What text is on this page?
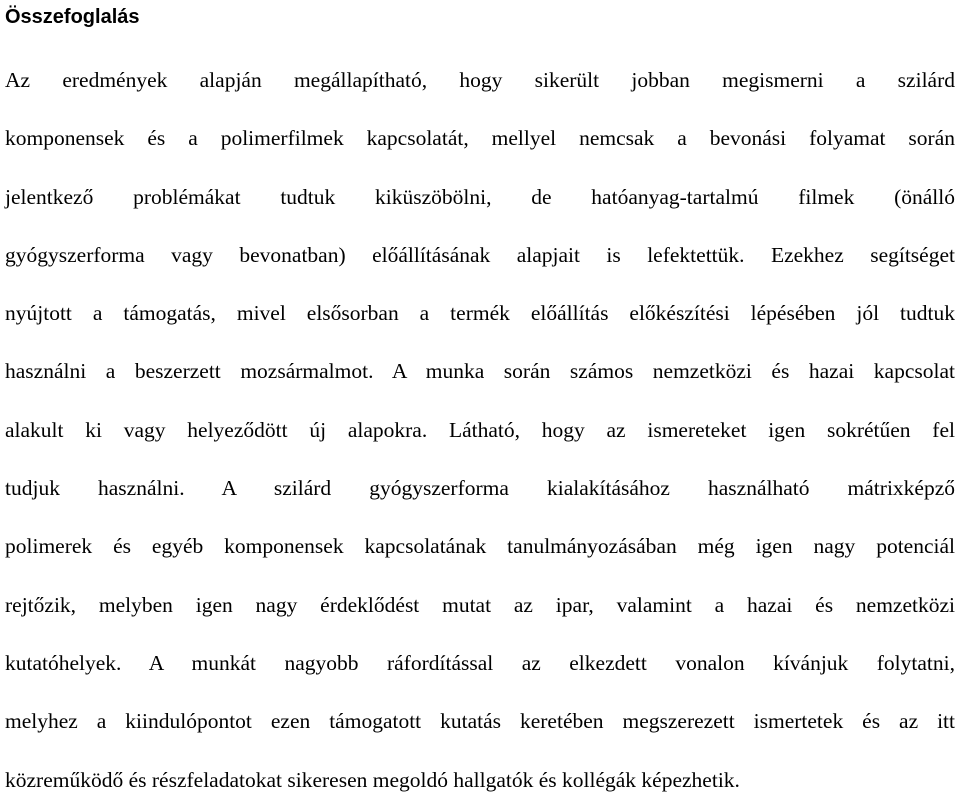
Összefoglalás
Az eredmények alapján megállapítható, hogy sikerült jobban megismerni a szilárd
komponensek és a polimerfilmek kapcsolatát, mellyel nemcsak a bevonási folyamat során
jelentkező problémákat tudtuk kiküszöbölni, de hatóanyag-tartalmú filmek (önálló
gyógyszerforma vagy bevonatban) előállításának alapjait is lefektettük. Ezekhez segítséget
nyújtott a támogatás, mivel elsősorban a termék előállítás előkészítési lépésében jól tudtuk
használni a beszerzett mozsármalmot. A munka során számos nemzetközi és hazai kapcsolat
alakult ki vagy helyeződött új alapokra. Látható, hogy az ismereteket igen sokrétűen fel
tudjuk használni. A szilárd gyógyszerforma kialakításához használható mátrixképző
polimerek és egyéb komponensek kapcsolatának tanulmányozásában még igen nagy potenciál
rejtőzik, melyben igen nagy érdeklődést mutat az ipar, valamint a hazai és nemzetközi
kutatóhelyek. A munkát nagyobb ráfordítással az elkezdett vonalon kívánjuk folytatni,
melyhez a kiindulópontot ezen támogatott kutatás keretében megszerezett ismertetek és az itt
közreműködő és részfeladatokat sikeresen megoldó hallgatók és kollégák képezhetik.
